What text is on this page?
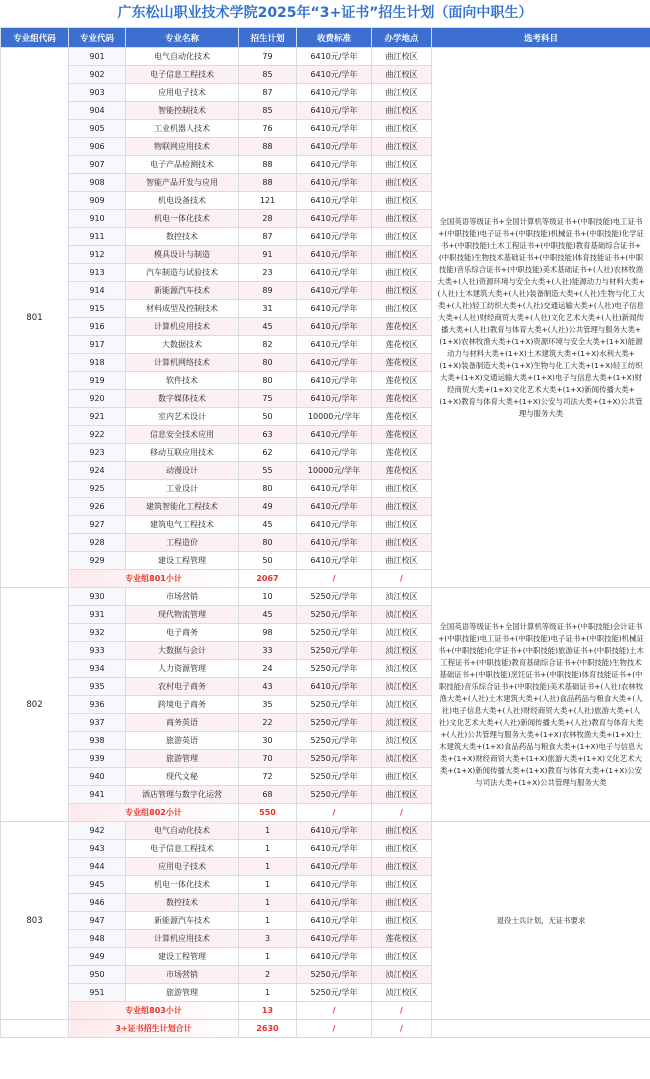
广东松山职业技术学院2025年“3+证书”招生计划（面向中职生）
专业组代码	专业代码	专业名称	招生计划	收费标准	办学地点	选考科目
801	901	电气自动化技术	79	6410元/学年	曲江校区	全国英语等级证书+全国计算机等级证书+(中职技能)电工证书+(中职技能)电子证书+(中职技能)机械证书+(中职技能)化学证书+(中职技能)土木工程证书+(中职技能)教育基础综合证书+(中职技能)生物技术基础证书+(中职技能)体育技能证书+(中职技能)音乐综合证书+(中职技能)美术基础证书+(人社)农林牧渔大类+(人社)资源环境与安全大类+(人社)能源动力与材料大类+(人社)土木建筑大类+(人社)装备制造大类+(人社)生物与化工大类+(人社)轻工纺织大类+(人社)交通运输大类+(人社)电子信息大类+(人社)财经商贸大类+(人社)文化艺术大类+(人社)新闻传播大类+(人社)教育与体育大类+(人社)公共管理与服务大类+(1+X)农林牧渔大类+(1+X)资源环境与安全大类+(1+X)能源动力与材料大类+(1+X)土木建筑大类+(1+X)水利大类+(1+X)装备制造大类+(1+X)生物与化工大类+(1+X)轻工纺织大类+(1+X)交通运输大类+(1+X)电子与信息大类+(1+X)财经商贸大类+(1+X)文化艺术大类+(1+X)新闻传播大类+(1+X)教育与体育大类+(1+X)公安与司法大类+(1+X)公共管理与服务大类
	902	电子信息工程技术	85	6410元/学年	曲江校区	
	903	应用电子技术	87	6410元/学年	曲江校区	
	904	智能控制技术	85	6410元/学年	曲江校区	
	905	工业机器人技术	76	6410元/学年	曲江校区	
	906	物联网应用技术	88	6410元/学年	曲江校区	
	907	电子产品检测技术	88	6410元/学年	曲江校区	
	908	智能产品开发与应用	88	6410元/学年	曲江校区	
	909	机电设备技术	121	6410元/学年	曲江校区	
	910	机电一体化技术	28	6410元/学年	曲江校区	
	911	数控技术	87	6410元/学年	曲江校区	
	912	模具设计与制造	91	6410元/学年	曲江校区	
	913	汽车制造与试验技术	23	6410元/学年	曲江校区	
	914	新能源汽车技术	89	6410元/学年	曲江校区	
	915	材料成型及控制技术	31	6410元/学年	曲江校区	
	916	计算机应用技术	45	6410元/学年	莲花校区	
	917	大数据技术	82	6410元/学年	莲花校区	
	918	计算机网络技术	80	6410元/学年	莲花校区	
	919	软件技术	80	6410元/学年	莲花校区	
	920	数字媒体技术	75	6410元/学年	莲花校区	
	921	室内艺术设计	50	10000元/学年	莲花校区	
	922	信息安全技术应用	63	6410元/学年	莲花校区	
	923	移动互联应用技术	62	6410元/学年	莲花校区	
	924	动漫设计	55	10000元/学年	莲花校区	
	925	工业设计	80	6410元/学年	曲江校区	
	926	建筑智能化工程技术	49	6410元/学年	曲江校区	
	927	建筑电气工程技术	45	6410元/学年	曲江校区	
	928	工程造价	80	6410元/学年	曲江校区	
	929	建设工程管理	50	6410元/学年	曲江校区	
	专业组801小计		2067	/	/	
802	930	市场营销	10	5250元/学年	浈江校区	全国英语等级证书+全国计算机等级证书+(中职技能)会计证书+(中职技能)电工证书+(中职技能)电子证书+(中职技能)机械证书+(中职技能)化学证书+(中职技能)旅游证书+(中职技能)土木工程证书+(中职技能)教育基础综合证书+(中职技能)生物技术基础证书+(中职技能)烹饪证书+(中职技能)体育技能证书+(中职技能)音乐综合证书+(中职技能)美术基础证书+(人社)农林牧渔大类+(人社)土木建筑大类+(人社)食品药品与粮食大类+(人社)电子信息大类+(人社)财经商贸大类+(人社)旅游大类+(人社)文化艺术大类+(人社)新闻传播大类+(人社)教育与体育大类+(人社)公共管理与服务大类+(1+X)农林牧渔大类+(1+X)土木建筑大类+(1+X)食品药品与粮食大类+(1+X)电子与信息大类+(1+X)财经商贸大类+(1+X)旅游大类+(1+X)文化艺术大类+(1+X)新闻传播大类+(1+X)教育与体育大类+(1+X)公安与司法大类+(1+X)公共管理与服务大类
	931	现代物流管理	45	5250元/学年	浈江校区	
	932	电子商务	98	5250元/学年	浈江校区	
	933	大数据与会计	33	5250元/学年	浈江校区	
	934	人力资源管理	24	5250元/学年	浈江校区	
	935	农村电子商务	43	6410元/学年	浈江校区	
	936	跨境电子商务	35	5250元/学年	浈江校区	
	937	商务英语	22	5250元/学年	浈江校区	
	938	旅游英语	30	5250元/学年	浈江校区	
	939	旅游管理	70	5250元/学年	浈江校区	
	940	现代文秘	72	5250元/学年	曲江校区	
	941	酒店管理与数字化运营	68	5250元/学年	曲江校区	
	专业组802小计		550	/	/	
803	942	电气自动化技术	1	6410元/学年	曲江校区	退役士兵计划，无证书要求
	943	电子信息工程技术	1	6410元/学年	曲江校区	
	944	应用电子技术	1	6410元/学年	曲江校区	
	945	机电一体化技术	1	6410元/学年	曲江校区	
	946	数控技术	1	6410元/学年	曲江校区	
	947	新能源汽车技术	1	6410元/学年	曲江校区	
	948	计算机应用技术	3	6410元/学年	莲花校区	
	949	建设工程管理	1	6410元/学年	曲江校区	
	950	市场营销	2	5250元/学年	浈江校区	
	951	旅游管理	1	5250元/学年	浈江校区	
	专业组803小计		13	/	/	
	3+证书招生计划合计		2630	/	/	
